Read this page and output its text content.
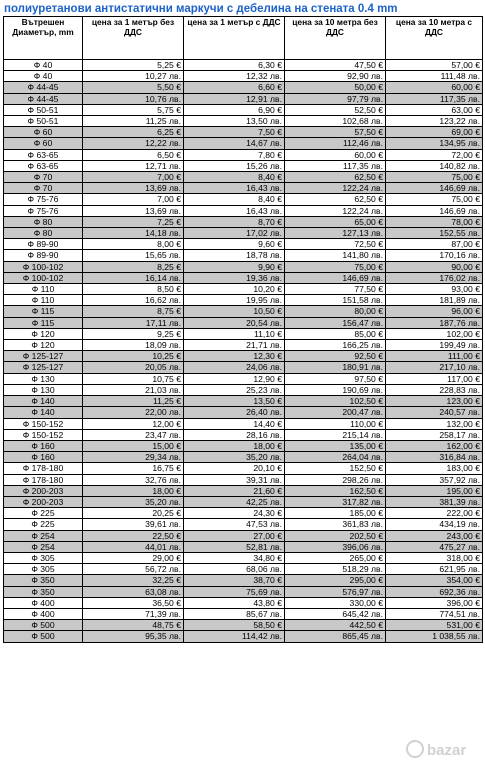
полиуретанови антистатични маркучи с дебелина на стената 0.4 mm
Вътрешен Диаметър, mm	цена за 1 метър без ДДС	цена за 1 метър с ДДС	цена за 10 метра без ДДС	цена за 10 метра с ДДС
Ф 40	5,25 €	6,30 €	47,50 €	57,00 €
Ф 40	10,27 лв.	12,32 лв.	92,90 лв.	111,48 лв.
Ф 44-45	5,50 €	6,60 €	50,00 €	60,00 €
Ф 44-45	10,76 лв.	12,91 лв.	97,79 лв.	117,35 лв.
Ф 50-51	5,75 €	6,90 €	52,50 €	63,00 €
Ф 50-51	11,25 лв.	13,50 лв.	102,68 лв.	123,22 лв.
Ф 60	6,25 €	7,50 €	57,50 €	69,00 €
Ф 60	12,22 лв.	14,67 лв.	112,46 лв.	134,95 лв.
Ф 63-65	6,50 €	7,80 €	60,00 €	72,00 €
Ф 63-65	12,71 лв.	15,26 лв.	117,35 лв.	140,82 лв.
Ф 70	7,00 €	8,40 €	62,50 €	75,00 €
Ф 70	13,69 лв.	16,43 лв.	122,24 лв.	146,69 лв.
Ф 75-76	7,00 €	8,40 €	62,50 €	75,00 €
Ф 75-76	13,69 лв.	16,43 лв.	122,24 лв.	146,69 лв.
Ф 80	7,25 €	8,70 €	65,00 €	78,00 €
Ф 80	14,18 лв.	17,02 лв.	127,13 лв.	152,55 лв.
Ф 89-90	8,00 €	9,60 €	72,50 €	87,00 €
Ф 89-90	15,65 лв.	18,78 лв.	141,80 лв.	170,16 лв.
Ф 100-102	8,25 €	9,90 €	75,00 €	90,00 €
Ф 100-102	16,14 лв.	19,36 лв.	146,69 лв.	176,02 лв.
Ф 110	8,50 €	10,20 €	77,50 €	93,00 €
Ф 110	16,62 лв.	19,95 лв.	151,58 лв.	181,89 лв.
Ф 115	8,75 €	10,50 €	80,00 €	96,00 €
Ф 115	17,11 лв.	20,54 лв.	156,47 лв.	187,76 лв.
Ф 120	9,25 €	11,10 €	85,00 €	102,00 €
Ф 120	18,09 лв.	21,71 лв.	166,25 лв.	199,49 лв.
Ф 125-127	10,25 €	12,30 €	92,50 €	111,00 €
Ф 125-127	20,05 лв.	24,06 лв.	180,91 лв.	217,10 лв.
Ф 130	10,75 €	12,90 €	97,50 €	117,00 €
Ф 130	21,03 лв.	25,23 лв.	190,69 лв.	228,83 лв.
Ф 140	11,25 €	13,50 €	102,50 €	123,00 €
Ф 140	22,00 лв.	26,40 лв.	200,47 лв.	240,57 лв.
Ф 150-152	12,00 €	14,40 €	110,00 €	132,00 €
Ф 150-152	23,47 лв.	28,16 лв.	215,14 лв.	258,17 лв.
Ф 160	15,00 €	18,00 €	135,00 €	162,00 €
Ф 160	29,34 лв.	35,20 лв.	264,04 лв.	316,84 лв.
Ф 178-180	16,75 €	20,10 €	152,50 €	183,00 €
Ф 178-180	32,76 лв.	39,31 лв.	298,26 лв.	357,92 лв.
Ф 200-203	18,00 €	21,60 €	162,50 €	195,00 €
Ф 200-203	35,20 лв.	42,25 лв.	317,82 лв.	381,39 лв.
Ф 225	20,25 €	24,30 €	185,00 €	222,00 €
Ф 225	39,61 лв.	47,53 лв.	361,83 лв.	434,19 лв.
Ф 254	22,50 €	27,00 €	202,50 €	243,00 €
Ф 254	44,01 лв.	52,81 лв.	396,06 лв.	475,27 лв.
Ф 305	29,00 €	34,80 €	265,00 €	318,00 €
Ф 305	56,72 лв.	68,06 лв.	518,29 лв.	621,95 лв.
Ф 350	32,25 €	38,70 €	295,00 €	354,00 €
Ф 350	63,08 лв.	75,69 лв.	576,97 лв.	692,36 лв.
Ф 400	36,50 €	43,80 €	330,00 €	396,00 €
Ф 400	71,39 лв.	85,67 лв.	645,42 лв.	774,51 лв.
Ф 500	48,75 €	58,50 €	442,50 €	531,00 €
Ф 500	95,35 лв.	114,42 лв.	865,45 лв.	1 038,55 лв.
bazar
